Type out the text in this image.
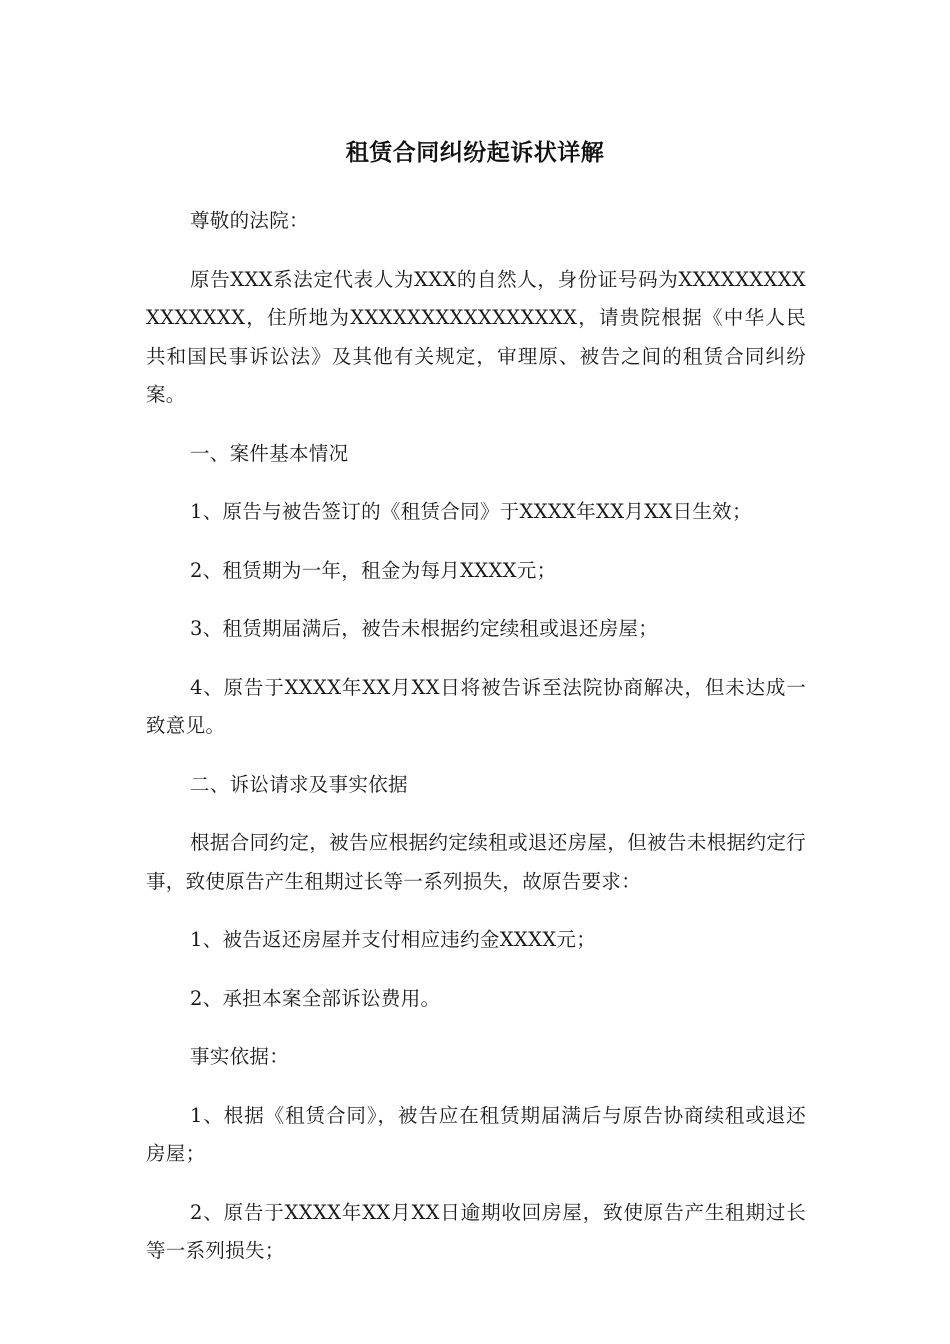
租赁合同纠纷起诉状详解

尊敬的法院：

原告XXX系法定代表人为XXX的自然人，身份证号码为XXXXXXXXXXXXXXXX，住所地为XXXXXXXXXXXXXXXX，请贵院根据《中华人民共和国民事诉讼法》及其他有关规定，审理原、被告之间的租赁合同纠纷案。

一、案件基本情况

1、原告与被告签订的《租赁合同》于XXXX年XX月XX日生效；

2、租赁期为一年，租金为每月XXXX元；

3、租赁期届满后，被告未根据约定续租或退还房屋；

4、原告于XXXX年XX月XX日将被告诉至法院协商解决，但未达成一致意见。

二、诉讼请求及事实依据

根据合同约定，被告应根据约定续租或退还房屋，但被告未根据约定行事，致使原告产生租期过长等一系列损失，故原告要求：

1、被告返还房屋并支付相应违约金XXXX元；

2、承担本案全部诉讼费用。

事实依据：

1、根据《租赁合同》，被告应在租赁期届满后与原告协商续租或退还房屋；

2、原告于XXXX年XX月XX日逾期收回房屋，致使原告产生租期过长等一系列损失；
